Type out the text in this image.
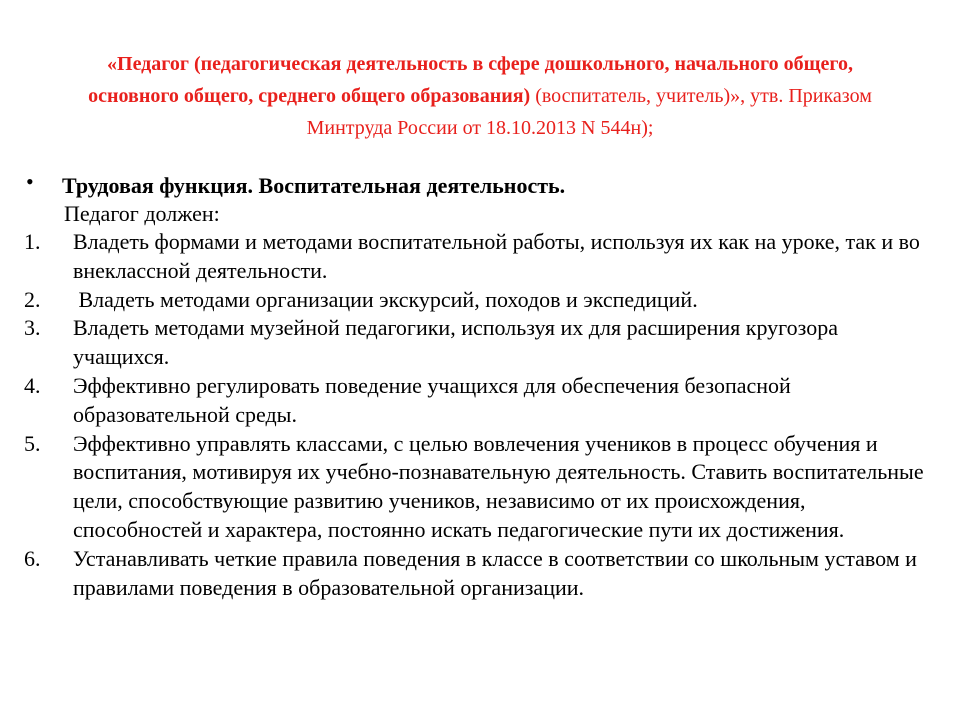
«Педагог (педагогическая деятельность в сфере дошкольного, начального общего, основного общего, среднего общего образования) (воспитатель, учитель)», утв. Приказом Минтруда России от 18.10.2013 N 544н);
• Трудовая функция. Воспитательная деятельность.
Педагог должен:
1. Владеть формами и методами воспитательной работы, используя их как на уроке, так и во внеклассной деятельности.
2. Владеть методами организации экскурсий, походов и экспедиций.
3. Владеть методами музейной педагогики, используя их для расширения кругозора учащихся.
4. Эффективно регулировать поведение учащихся для обеспечения безопасной образовательной среды.
5. Эффективно управлять классами, с целью вовлечения учеников в процесс обучения и воспитания, мотивируя их учебно-познавательную деятельность. Ставить воспитательные цели, способствующие развитию учеников, независимо от их происхождения, способностей и характера, постоянно искать педагогические пути их достижения.
6. Устанавливать четкие правила поведения в классе в соответствии со школьным уставом и правилами поведения в образовательной организации.
